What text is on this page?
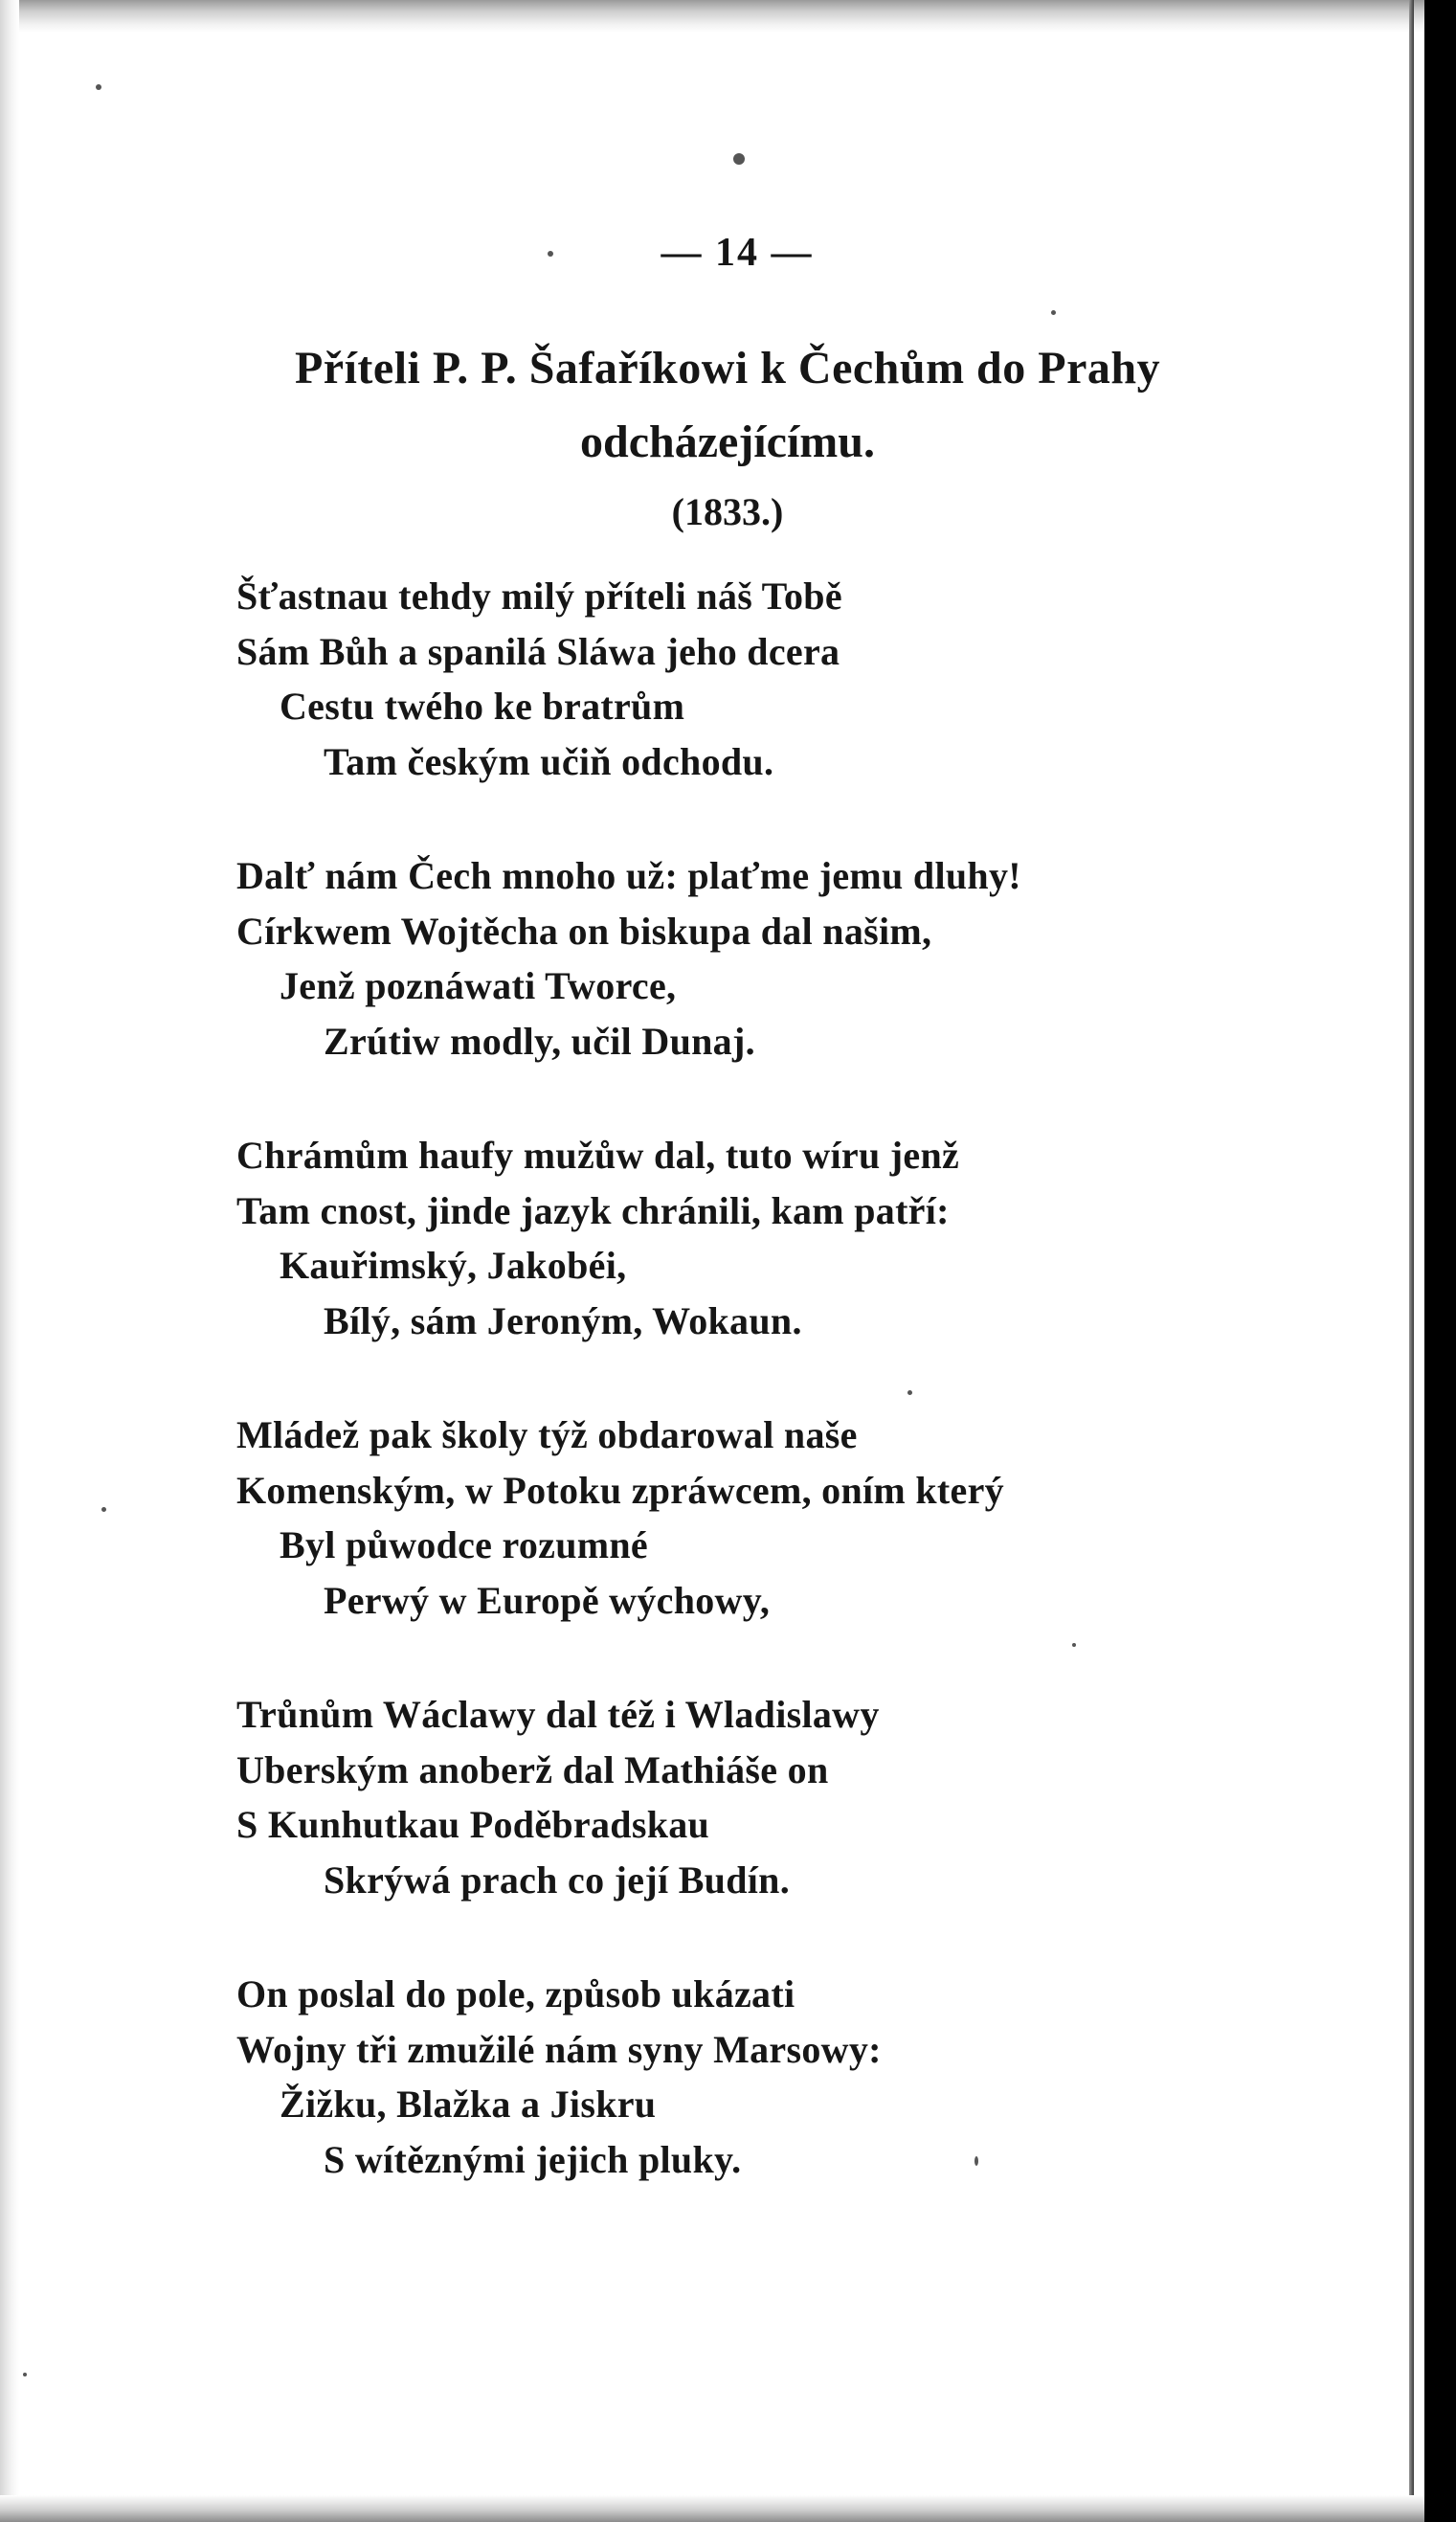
— 14 —
Příteli P. P. Šafaříkowi k Čechům do Prahy
odcházejícímu.
(1833.)
Šťastnau tehdy milý příteli náš Tobě
Sám Bůh a spanilá Sláwa jeho dcera
Cestu twého ke bratrům
Tam českým učiň odchodu.
Dalť nám Čech mnoho už: plaťme jemu dluhy!
Církwem Wojtěcha on biskupa dal našim,
Jenž poznáwati Tworce,
Zrútiw modly, učil Dunaj.
Chrámům haufy mužůw dal, tuto wíru jenž
Tam cnost, jinde jazyk chránili, kam patří:
Kauřimský, Jakobéi,
Bílý, sám Jeroným, Wokaun.
Mládež pak školy týž obdarowal naše
Komenským, w Potoku zpráwcem, oním který
Byl půwodce rozumné
Perwý w Europě wýchowy,
Trůnům Wáclawy dal též i Wladislawy
Uberským anoberž dal Mathiáše on
S Kunhutkau Poděbradskau
Skrýwá prach co její Budín.
On poslal do pole, způsob ukázati
Wojny tři zmužilé nám syny Marsowy:
Žižku, Blažka a Jiskru
S wítěznými jejich pluky.
